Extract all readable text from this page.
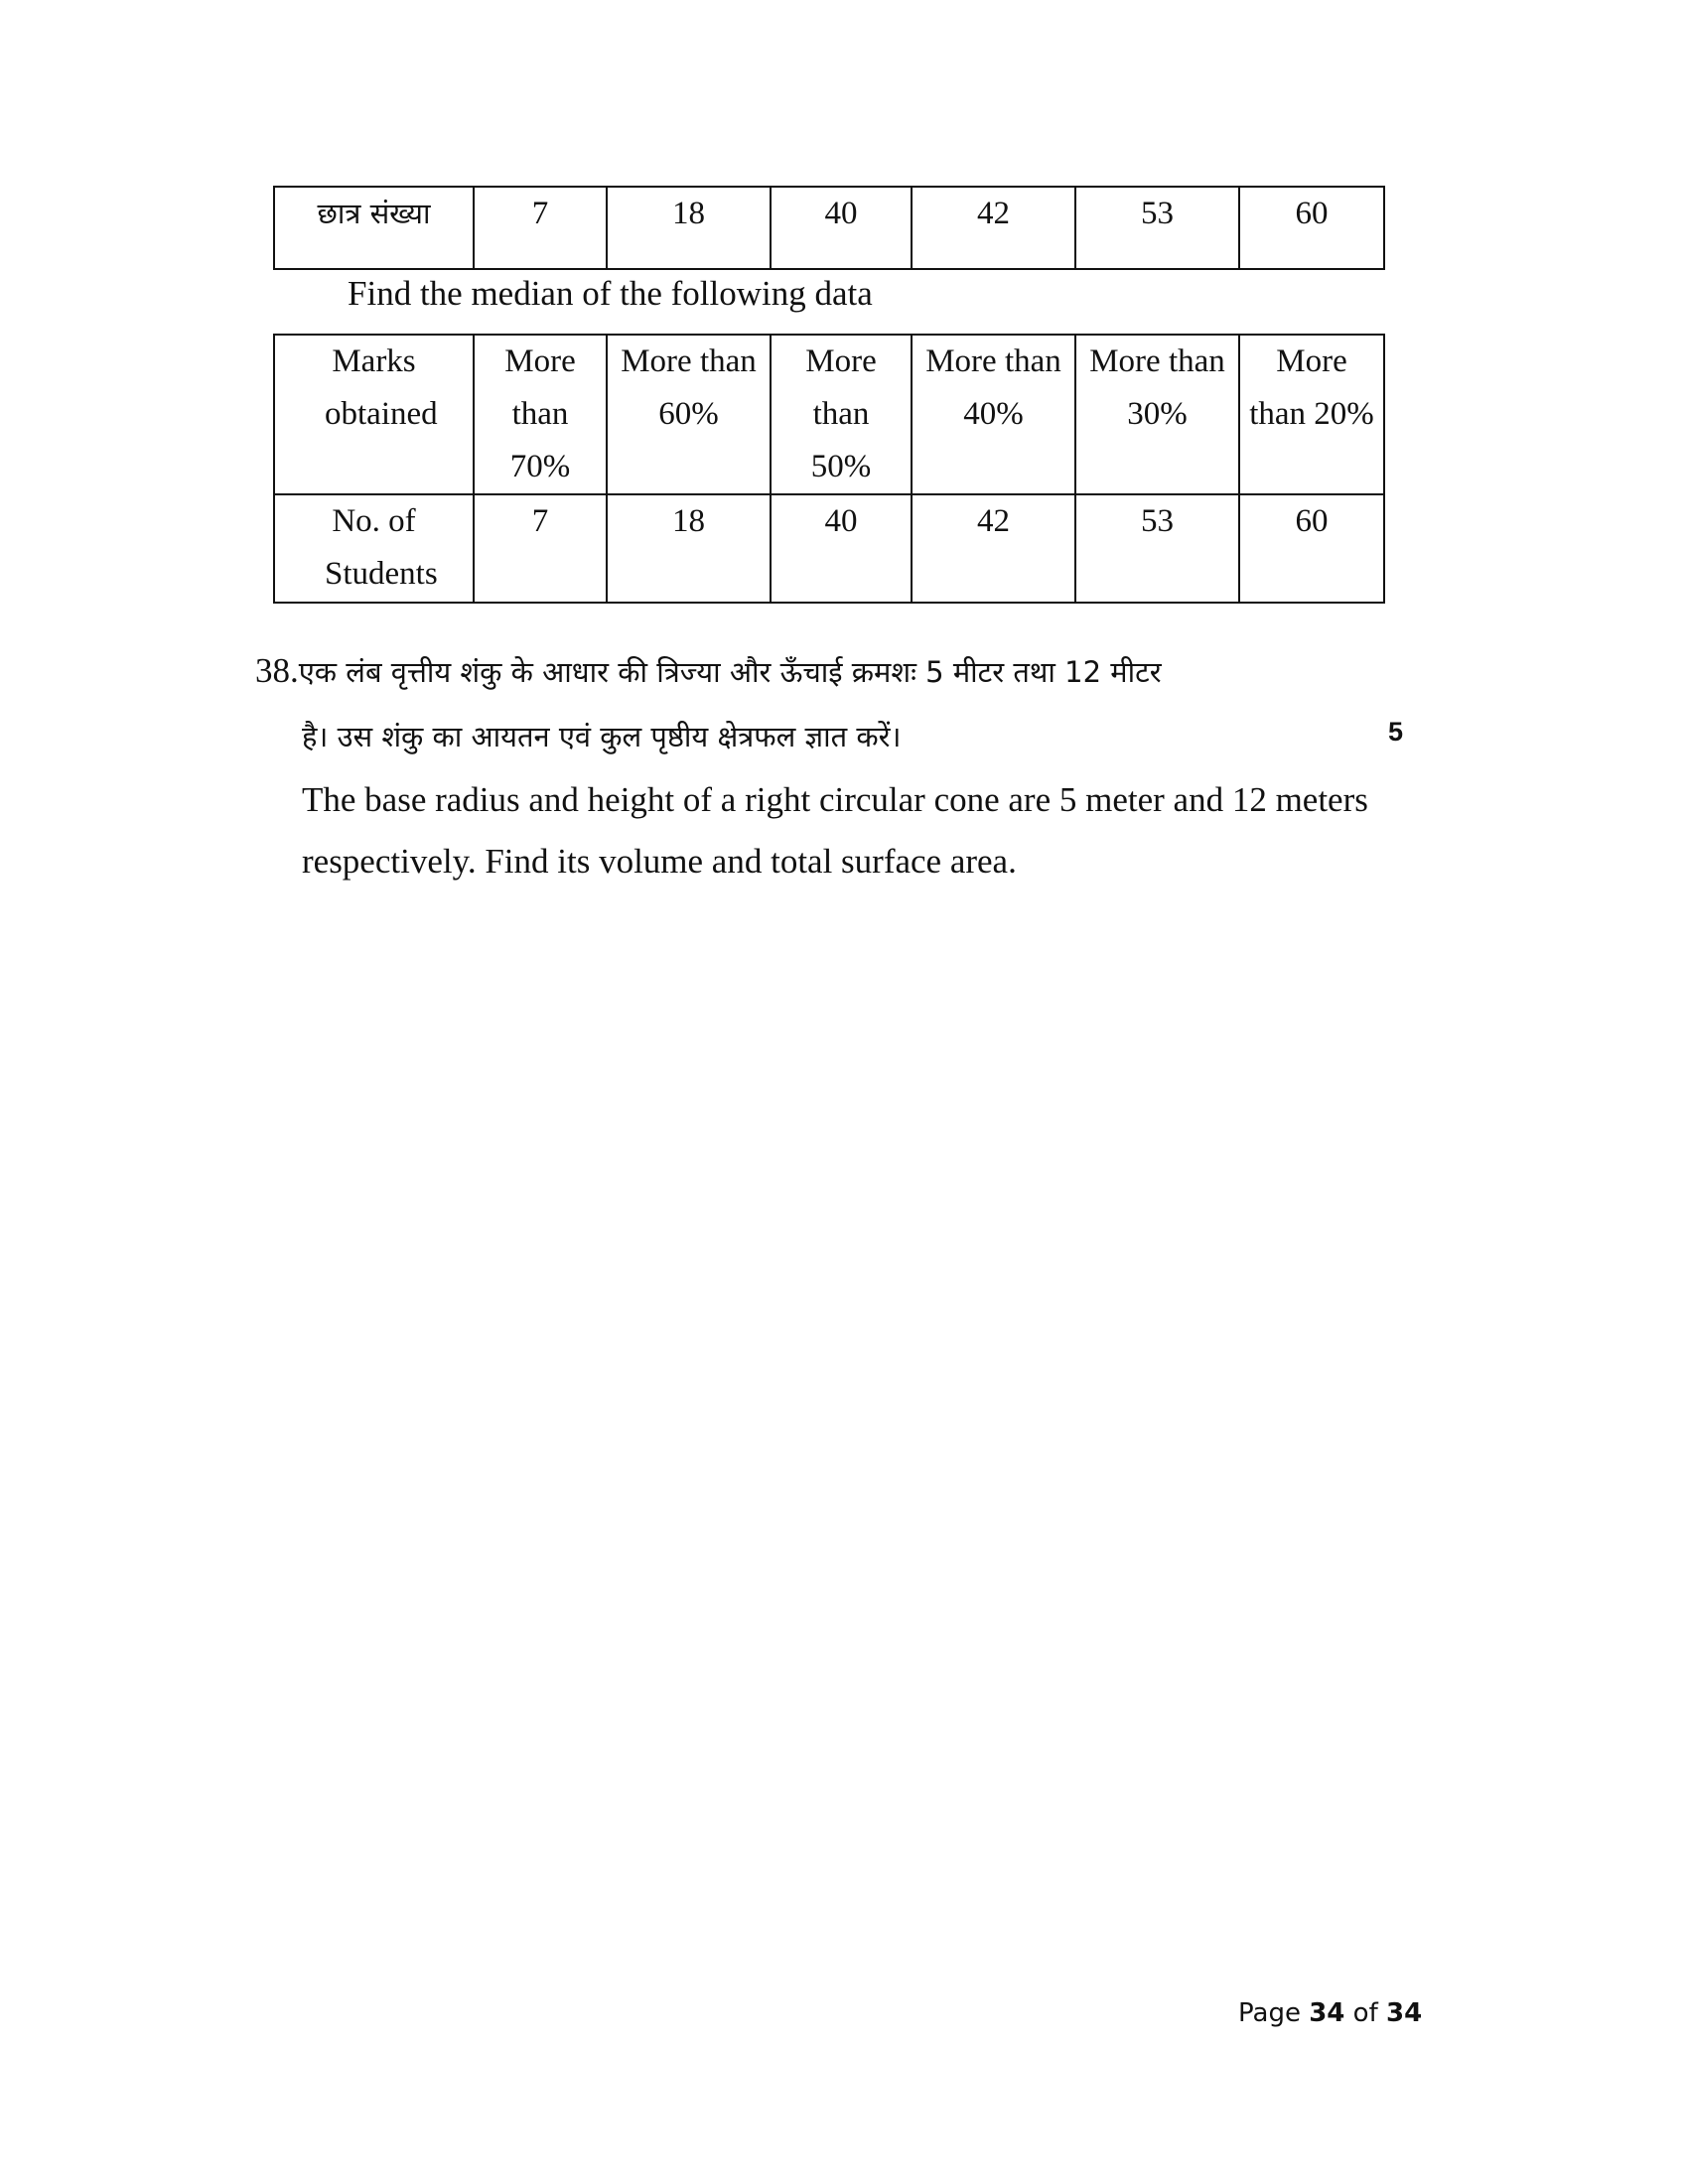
छात्र संख्या	7	18	40	42	53	60
Find the median of the following data
Marks obtained	More than 70%	More than 60%	More than 50%	More than 40%	More than 30%	More than 20%
No. of Students	7	18	40	42	53	60
38.एक लंब वृत्तीय शंकु के आधार की त्रिज्या और ऊँचाई क्रमशः 5 मीटर तथा 12 मीटर
है। उस शंकु का आयतन एवं कुल पृष्ठीय क्षेत्रफल ज्ञात करें।	5
The base radius and height of a right circular cone are 5 meter and 12 meters
respectively. Find its volume and total surface area.
Page 34 of 34
